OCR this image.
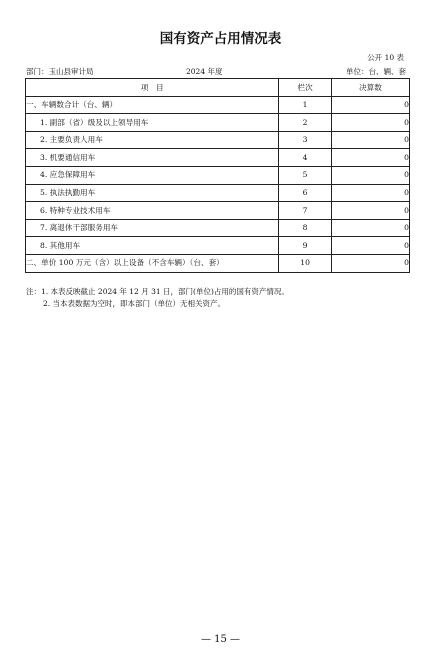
国有资产占用情况表
公开 10 表
部门：玉山县审计局	2024 年度	单位：台、辆、套
项　目	栏次	决算数
一、车辆数合计（台、辆）	1	0
1. 副部（省）级及以上领导用车	2	0
2. 主要负责人用车	3	0
3. 机要通信用车	4	0
4. 应急保障用车	5	0
5. 执法执勤用车	6	0
6. 特种专业技术用车	7	0
7. 离退休干部服务用车	8	0
8. 其他用车	9	0
二、单价 100 万元（含）以上设备（不含车辆）（台、套）	10	0
注：1. 本表反映截止 2024 年 12 月 31 日，部门(单位)占用的国有资产情况。
2. 当本表数据为空时，即本部门（单位）无相关资产。
— 15 —
